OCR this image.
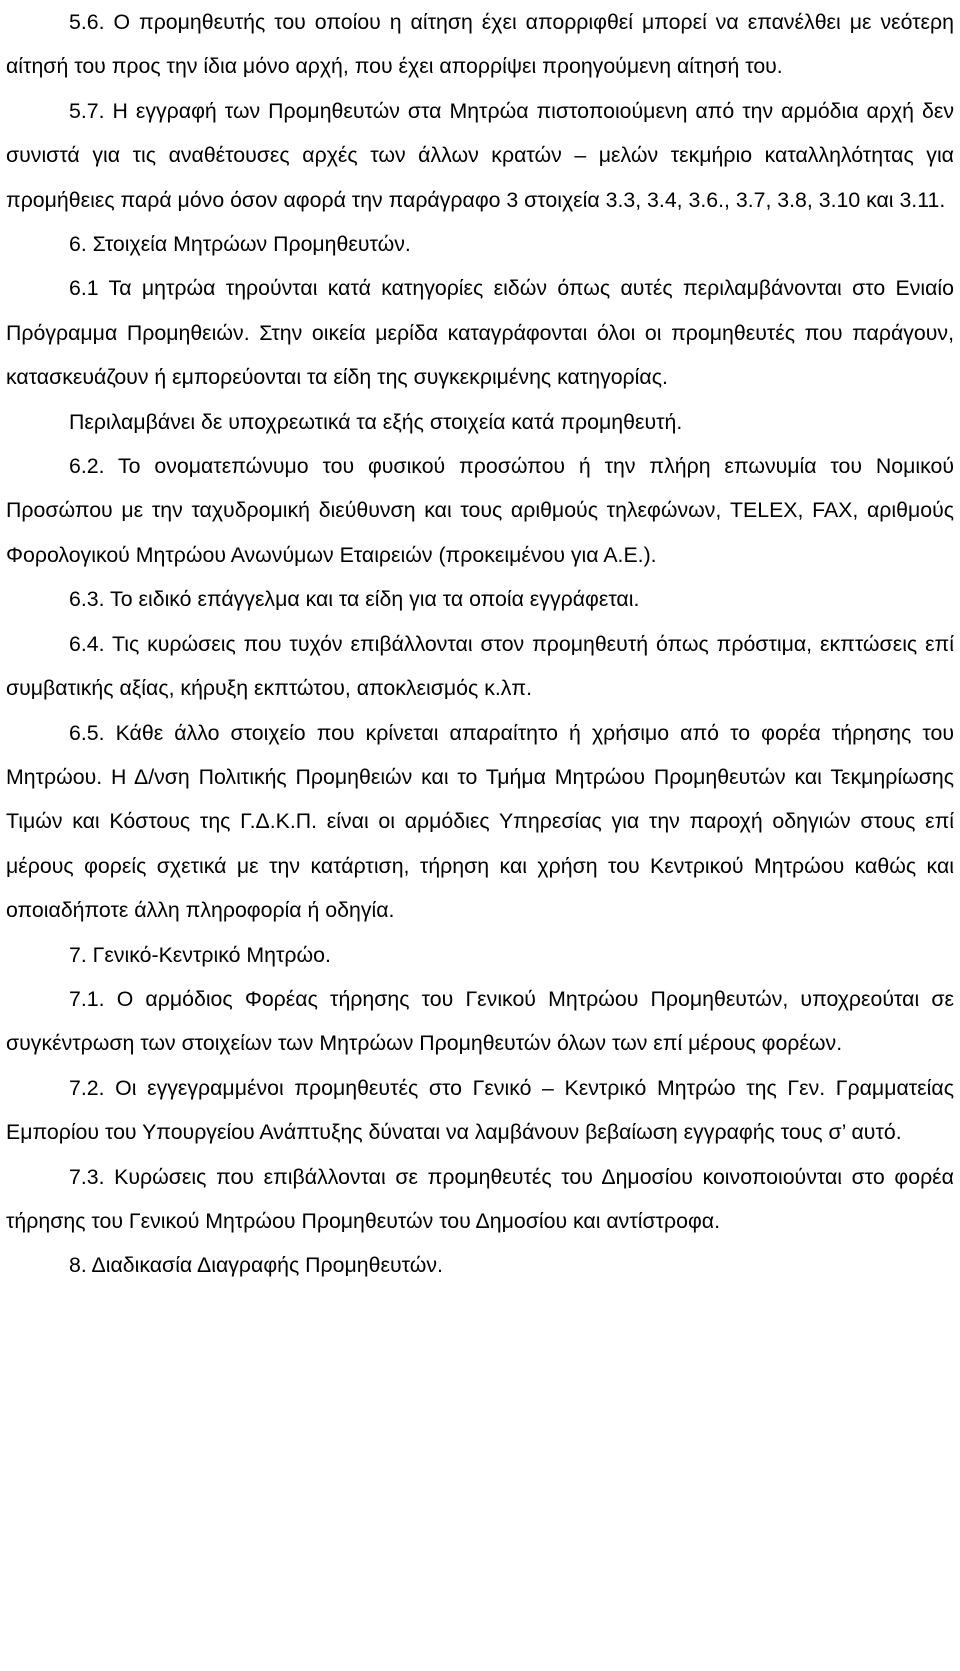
5.6. Ο προμηθευτής του οποίου η αίτηση έχει απορριφθεί μπορεί να επανέλθει με νεότερη αίτησή του προς την ίδια μόνο αρχή, που έχει απορρίψει προηγούμενη αίτησή του.

5.7. Η εγγραφή των Προμηθευτών στα Μητρώα πιστοποιούμενη από την αρμόδια αρχή δεν συνιστά για τις αναθέτουσες αρχές των άλλων κρατών – μελών τεκμήριο καταλληλότητας για προμήθειες παρά μόνο όσον αφορά την παράγραφο 3 στοιχεία 3.3, 3.4, 3.6., 3.7, 3.8, 3.10 και 3.11.

6. Στοιχεία Μητρώων Προμηθευτών.

6.1 Τα μητρώα τηρούνται κατά κατηγορίες ειδών όπως αυτές περιλαμβάνονται στο Ενιαίο Πρόγραμμα Προμηθειών. Στην οικεία μερίδα καταγράφονται όλοι οι προμηθευτές που παράγουν, κατασκευάζουν ή εμπορεύονται τα είδη της συγκεκριμένης κατηγορίας.

Περιλαμβάνει δε υποχρεωτικά τα εξής στοιχεία κατά προμηθευτή.

6.2. Το ονοματεπώνυμο του φυσικού προσώπου ή την πλήρη επωνυμία του Νομικού Προσώπου με την ταχυδρομική διεύθυνση και τους αριθμούς τηλεφώνων, TELEX, FAX, αριθμούς Φορολογικού Μητρώου Ανωνύμων Εταιρειών (προκειμένου για Α.Ε.).

6.3. Το ειδικό επάγγελμα και τα είδη για τα οποία εγγράφεται.

6.4. Τις κυρώσεις που τυχόν επιβάλλονται στον προμηθευτή όπως πρόστιμα, εκπτώσεις επί συμβατικής αξίας, κήρυξη εκπτώτου, αποκλεισμός κ.λπ.

6.5. Κάθε άλλο στοιχείο που κρίνεται απαραίτητο ή χρήσιμο από το φορέα τήρησης του Μητρώου. Η Δ/νση Πολιτικής Προμηθειών και το Τμήμα Μητρώου Προμηθευτών και Τεκμηρίωσης Τιμών και Κόστους της Γ.Δ.Κ.Π. είναι οι αρμόδιες Υπηρεσίας για την παροχή οδηγιών στους επί μέρους φορείς σχετικά με την κατάρτιση, τήρηση και χρήση του Κεντρικού Μητρώου καθώς και οποιαδήποτε άλλη πληροφορία ή οδηγία.

7. Γενικό-Κεντρικό Μητρώο.

7.1. Ο αρμόδιος Φορέας τήρησης του Γενικού Μητρώου Προμηθευτών, υποχρεούται σε συγκέντρωση των στοιχείων των Μητρώων Προμηθευτών όλων των επί μέρους φορέων.

7.2. Οι εγγεγραμμένοι προμηθευτές στο Γενικό – Κεντρικό Μητρώο της Γεν. Γραμματείας Εμπορίου του Υπουργείου Ανάπτυξης δύναται να λαμβάνουν βεβαίωση εγγραφής τους σ’ αυτό.

7.3. Κυρώσεις που επιβάλλονται σε προμηθευτές του Δημοσίου κοινοποιούνται στο φορέα τήρησης του Γενικού Μητρώου Προμηθευτών του Δημοσίου και αντίστροφα.

8. Διαδικασία Διαγραφής Προμηθευτών.
